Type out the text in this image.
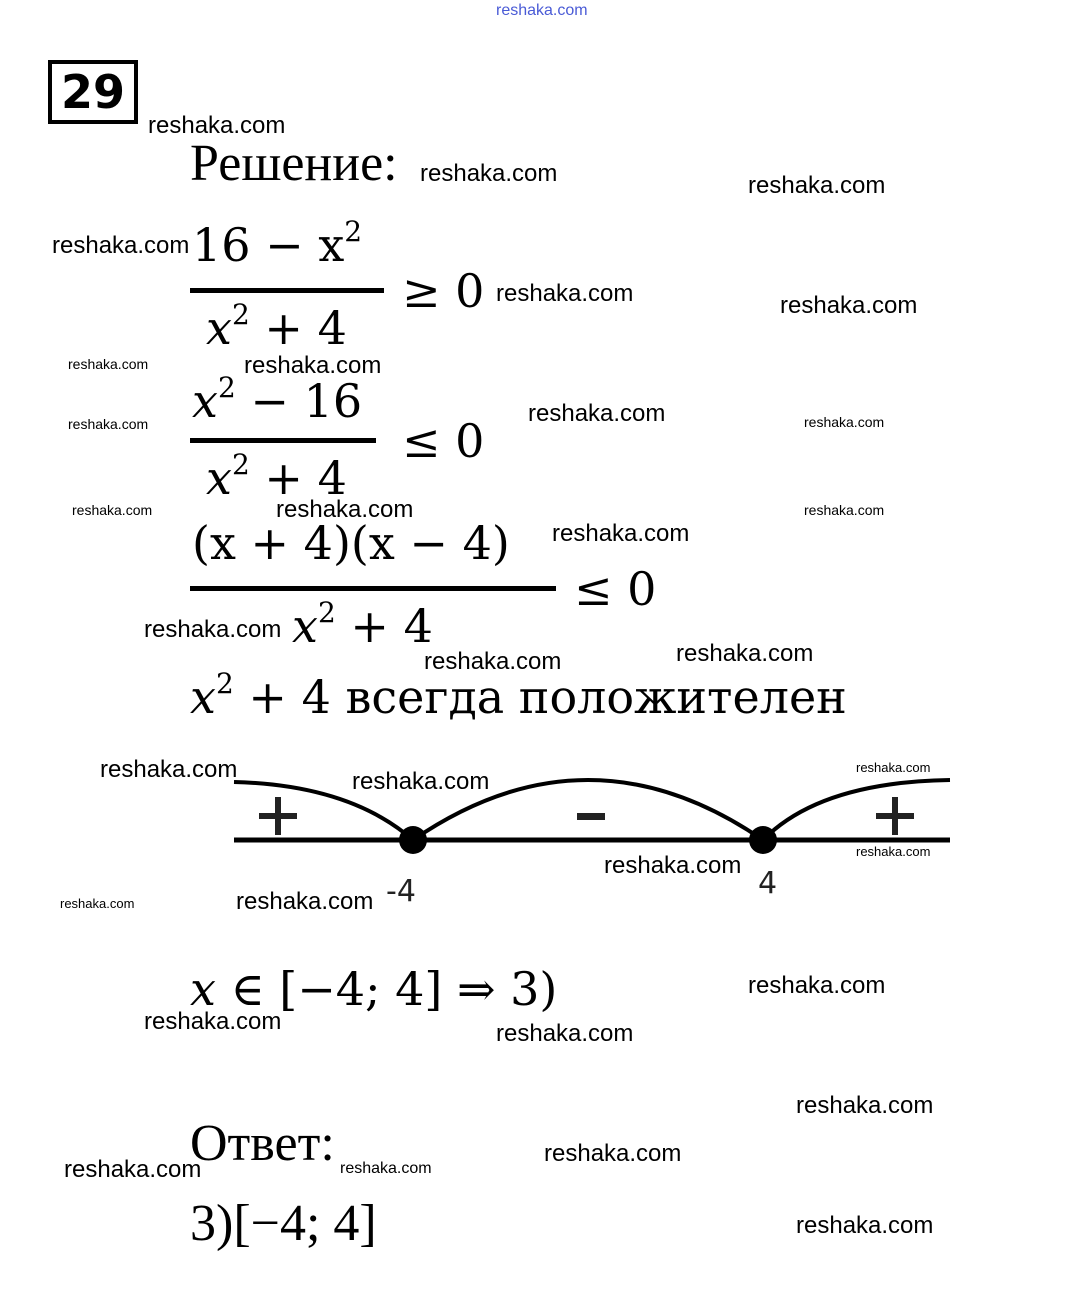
reshaka.com
29
Решение:
$16 - x^2$
$x^2 + 4$
≥ 0
$x^2 - 16$
$x^2 + 4$
≤ 0
(x + 4)(x − 4)
$x^2 + 4$
≤ 0
$x^2 + 4$ всегда положителен
-4	4
x ∈ [−4; 4] ⇒ 3)
Ответ:
3)[−4; 4]
reshaka.com
reshaka.com	reshaka.com
reshaka.com
reshaka.com	reshaka.com
reshaka.com	reshaka.com
reshaka.com
reshaka.com	reshaka.com
reshaka.com	reshaka.com	reshaka.com
reshaka.com
reshaka.com
reshaka.com	reshaka.com
reshaka.com	reshaka.com
reshaka.com
reshaka.com
reshaka.com
reshaka.com	reshaka.com
reshaka.com
reshaka.com	reshaka.com
reshaka.com
reshaka.com
reshaka.com	reshaka.com
reshaka.com
